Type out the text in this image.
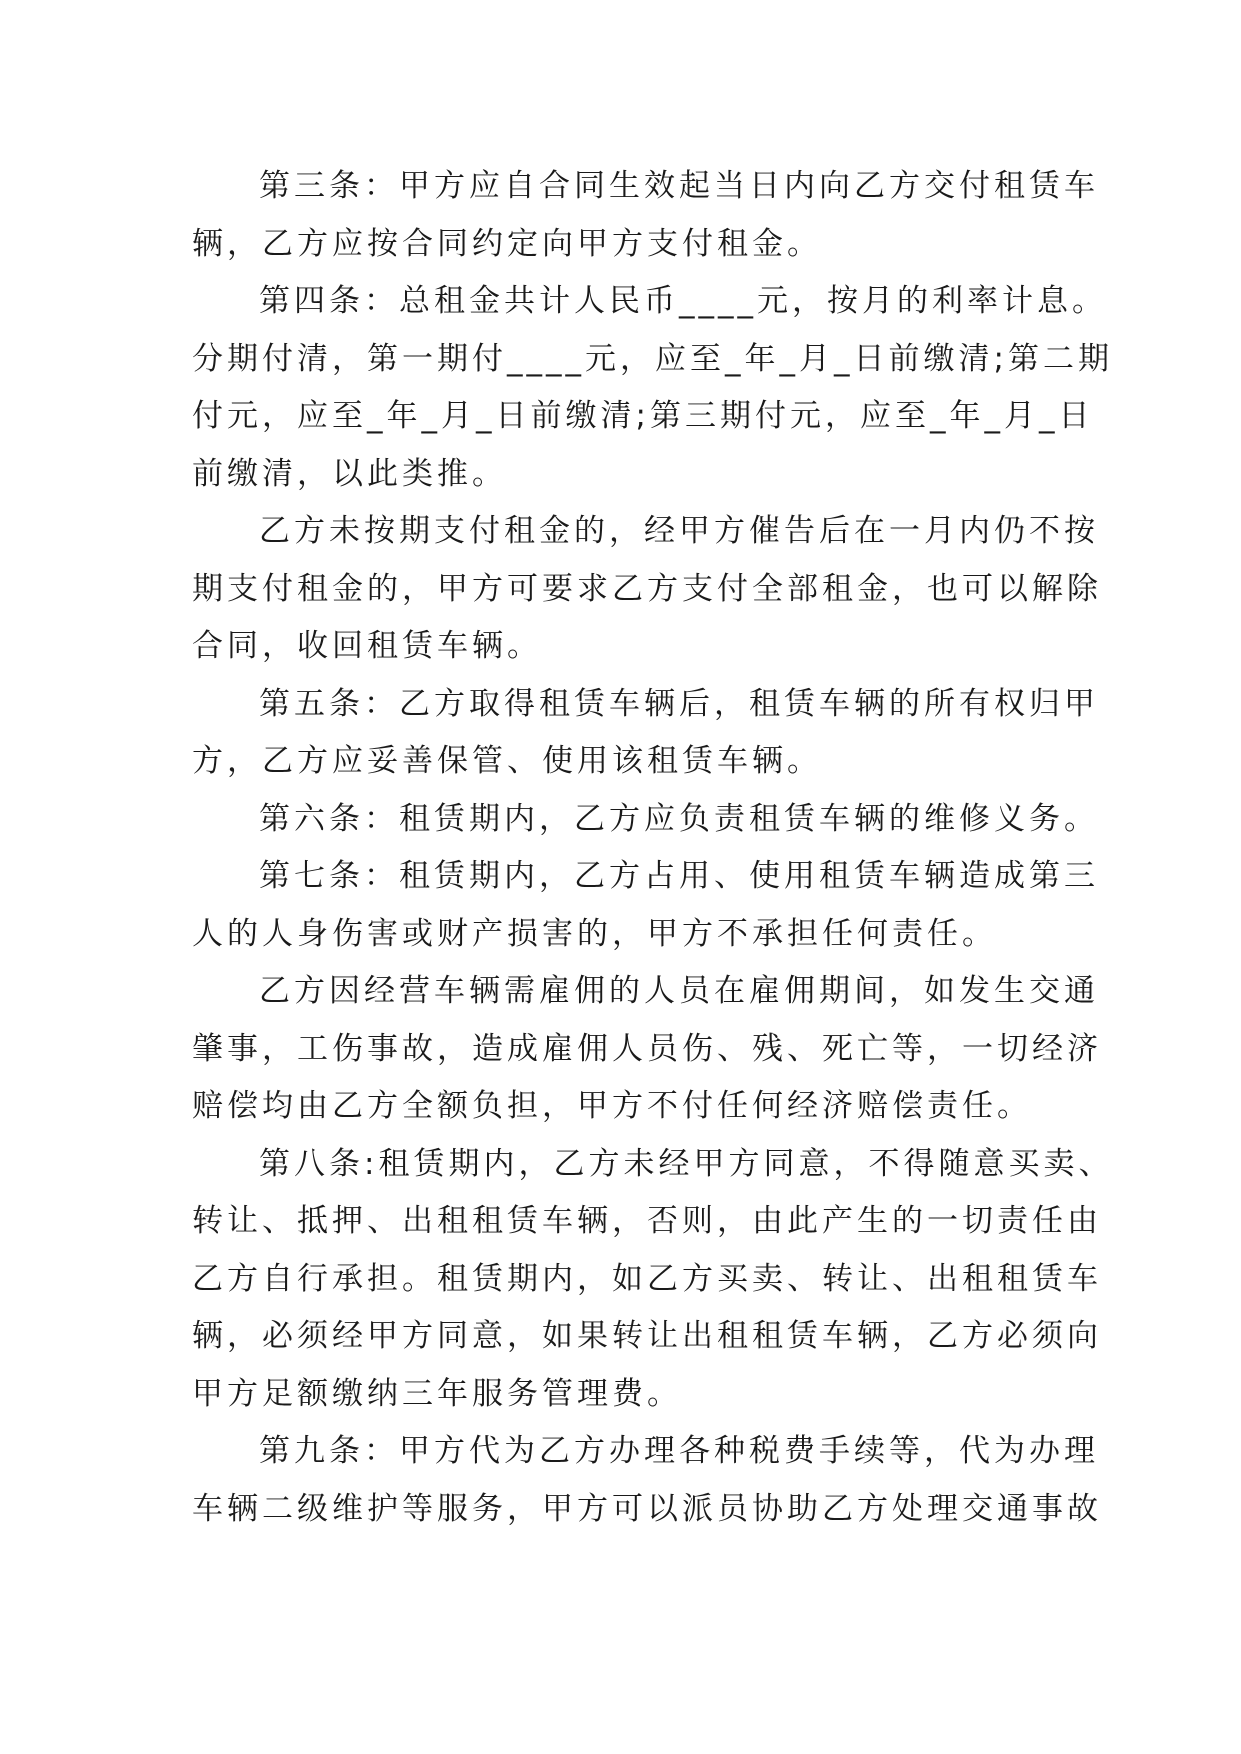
第三条：甲方应自合同生效起当日内向乙方交付租赁车
辆，乙方应按合同约定向甲方支付租金。
第四条：总租金共计人民币____元，按月的利率计息。
分期付清，第一期付____元，应至_年_月_日前缴清;第二期
付元，应至_年_月_日前缴清;第三期付元，应至_年_月_日
前缴清，以此类推。
乙方未按期支付租金的，经甲方催告后在一月内仍不按
期支付租金的，甲方可要求乙方支付全部租金，也可以解除
合同，收回租赁车辆。
第五条：乙方取得租赁车辆后，租赁车辆的所有权归甲
方，乙方应妥善保管、使用该租赁车辆。
第六条：租赁期内，乙方应负责租赁车辆的维修义务。
第七条：租赁期内，乙方占用、使用租赁车辆造成第三
人的人身伤害或财产损害的，甲方不承担任何责任。
乙方因经营车辆需雇佣的人员在雇佣期间，如发生交通
肇事，工伤事故，造成雇佣人员伤、残、死亡等，一切经济
赔偿均由乙方全额负担，甲方不付任何经济赔偿责任。
第八条:租赁期内，乙方未经甲方同意，不得随意买卖、
转让、抵押、出租租赁车辆，否则，由此产生的一切责任由
乙方自行承担。租赁期内，如乙方买卖、转让、出租租赁车
辆，必须经甲方同意，如果转让出租租赁车辆，乙方必须向
甲方足额缴纳三年服务管理费。
第九条：甲方代为乙方办理各种税费手续等，代为办理
车辆二级维护等服务，甲方可以派员协助乙方处理交通事故
